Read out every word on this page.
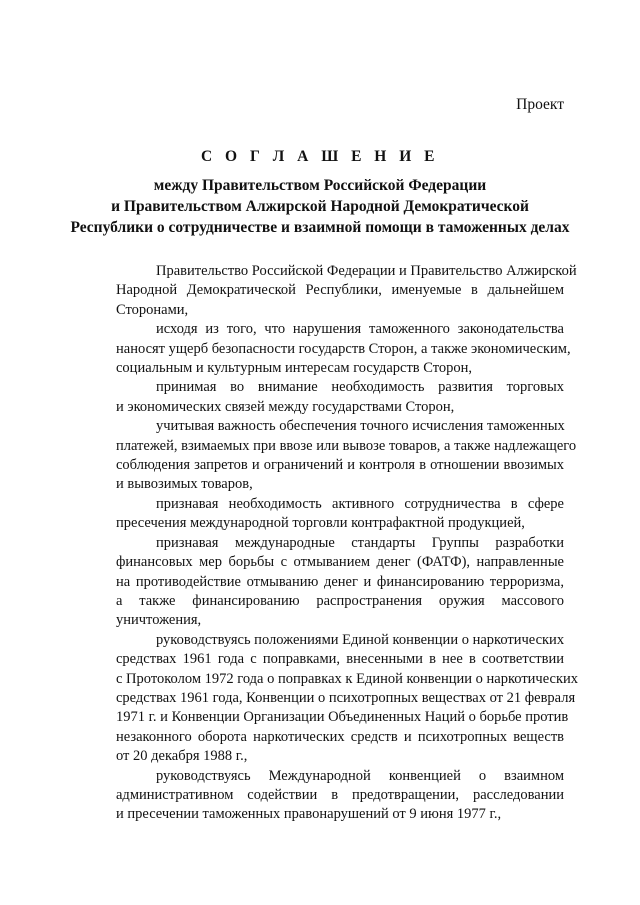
Проект
С О Г Л А Ш Е Н И Е
между Правительством Российской Федерации
и Правительством Алжирской Народной Демократической
Республики о сотрудничестве и взаимной помощи в таможенных делах
Правительство Российской Федерации и Правительство Алжирской
Народной Демократической Республики, именуемые в дальнейшем
Сторонами,
исходя из того, что нарушения таможенного законодательства
наносят ущерб безопасности государств Сторон, а также экономическим,
социальным и культурным интересам государств Сторон,
принимая во внимание необходимость развития торговых
и экономических связей между государствами Сторон,
учитывая важность обеспечения точного исчисления таможенных
платежей, взимаемых при ввозе или вывозе товаров, а также надлежащего
соблюдения запретов и ограничений и контроля в отношении ввозимых
и вывозимых товаров,
признавая необходимость активного сотрудничества в сфере
пресечения международной торговли контрафактной продукцией,
признавая международные стандарты Группы разработки
финансовых мер борьбы с отмыванием денег (ФАТФ), направленные
на противодействие отмыванию денег и финансированию терроризма,
а также финансированию распространения оружия массового
уничтожения,
руководствуясь положениями Единой конвенции о наркотических
средствах 1961 года с поправками, внесенными в нее в соответствии
с Протоколом 1972 года о поправках к Единой конвенции о наркотических
средствах 1961 года, Конвенции о психотропных веществах от 21 февраля
1971 г. и Конвенции Организации Объединенных Наций о борьбе против
незаконного оборота наркотических средств и психотропных веществ
от 20 декабря 1988 г.,
руководствуясь Международной конвенцией о взаимном
административном содействии в предотвращении, расследовании
и пресечении таможенных правонарушений от 9 июня 1977 г.,
